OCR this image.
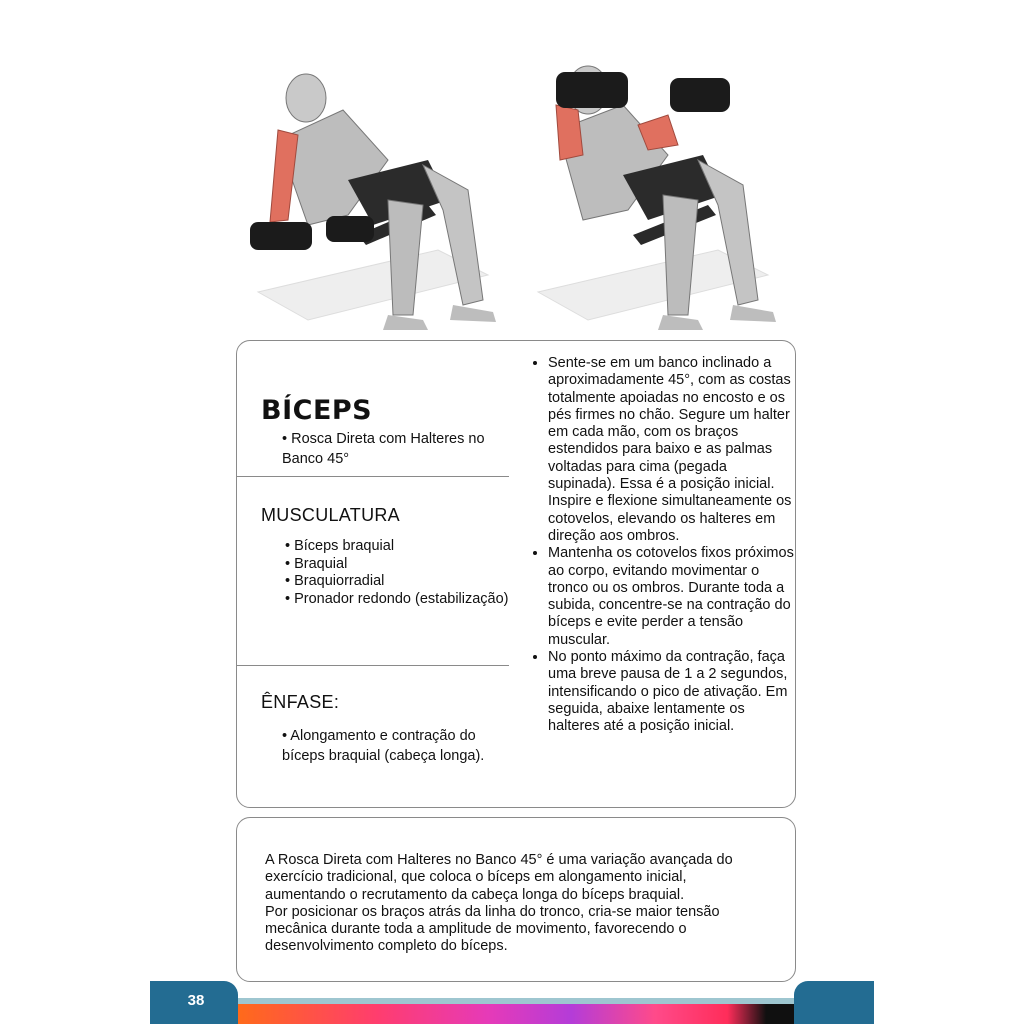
BÍCEPS
• Rosca Direta com Halteres no Banco 45°
MUSCULATURA
• Bíceps braquial
• Braquial
• Braquiorradial
• Pronador redondo (estabilização)
ÊNFASE:
• Alongamento e contração do bíceps braquial (cabeça longa).
• Sente-se em um banco inclinado a aproximadamente 45°, com as costas totalmente apoiadas no encosto e os pés firmes no chão. Segure um halter em cada mão, com os braços estendidos para baixo e as palmas voltadas para cima (pegada supinada). Essa é a posição inicial. Inspire e flexione simultaneamente os cotovelos, elevando os halteres em direção aos ombros.
• Mantenha os cotovelos fixos próximos ao corpo, evitando movimentar o tronco ou os ombros. Durante toda a subida, concentre-se na contração do bíceps e evite perder a tensão muscular.
• No ponto máximo da contração, faça uma breve pausa de 1 a 2 segundos, intensificando o pico de ativação. Em seguida, abaixe lentamente os halteres até a posição inicial.

A Rosca Direta com Halteres no Banco 45° é uma variação avançada do exercício tradicional, que coloca o bíceps em alongamento inicial, aumentando o recrutamento da cabeça longa do bíceps braquial.

Por posicionar os braços atrás da linha do tronco, cria-se maior tensão mecânica durante toda a amplitude de movimento, favorecendo o desenvolvimento completo do bíceps.

38
